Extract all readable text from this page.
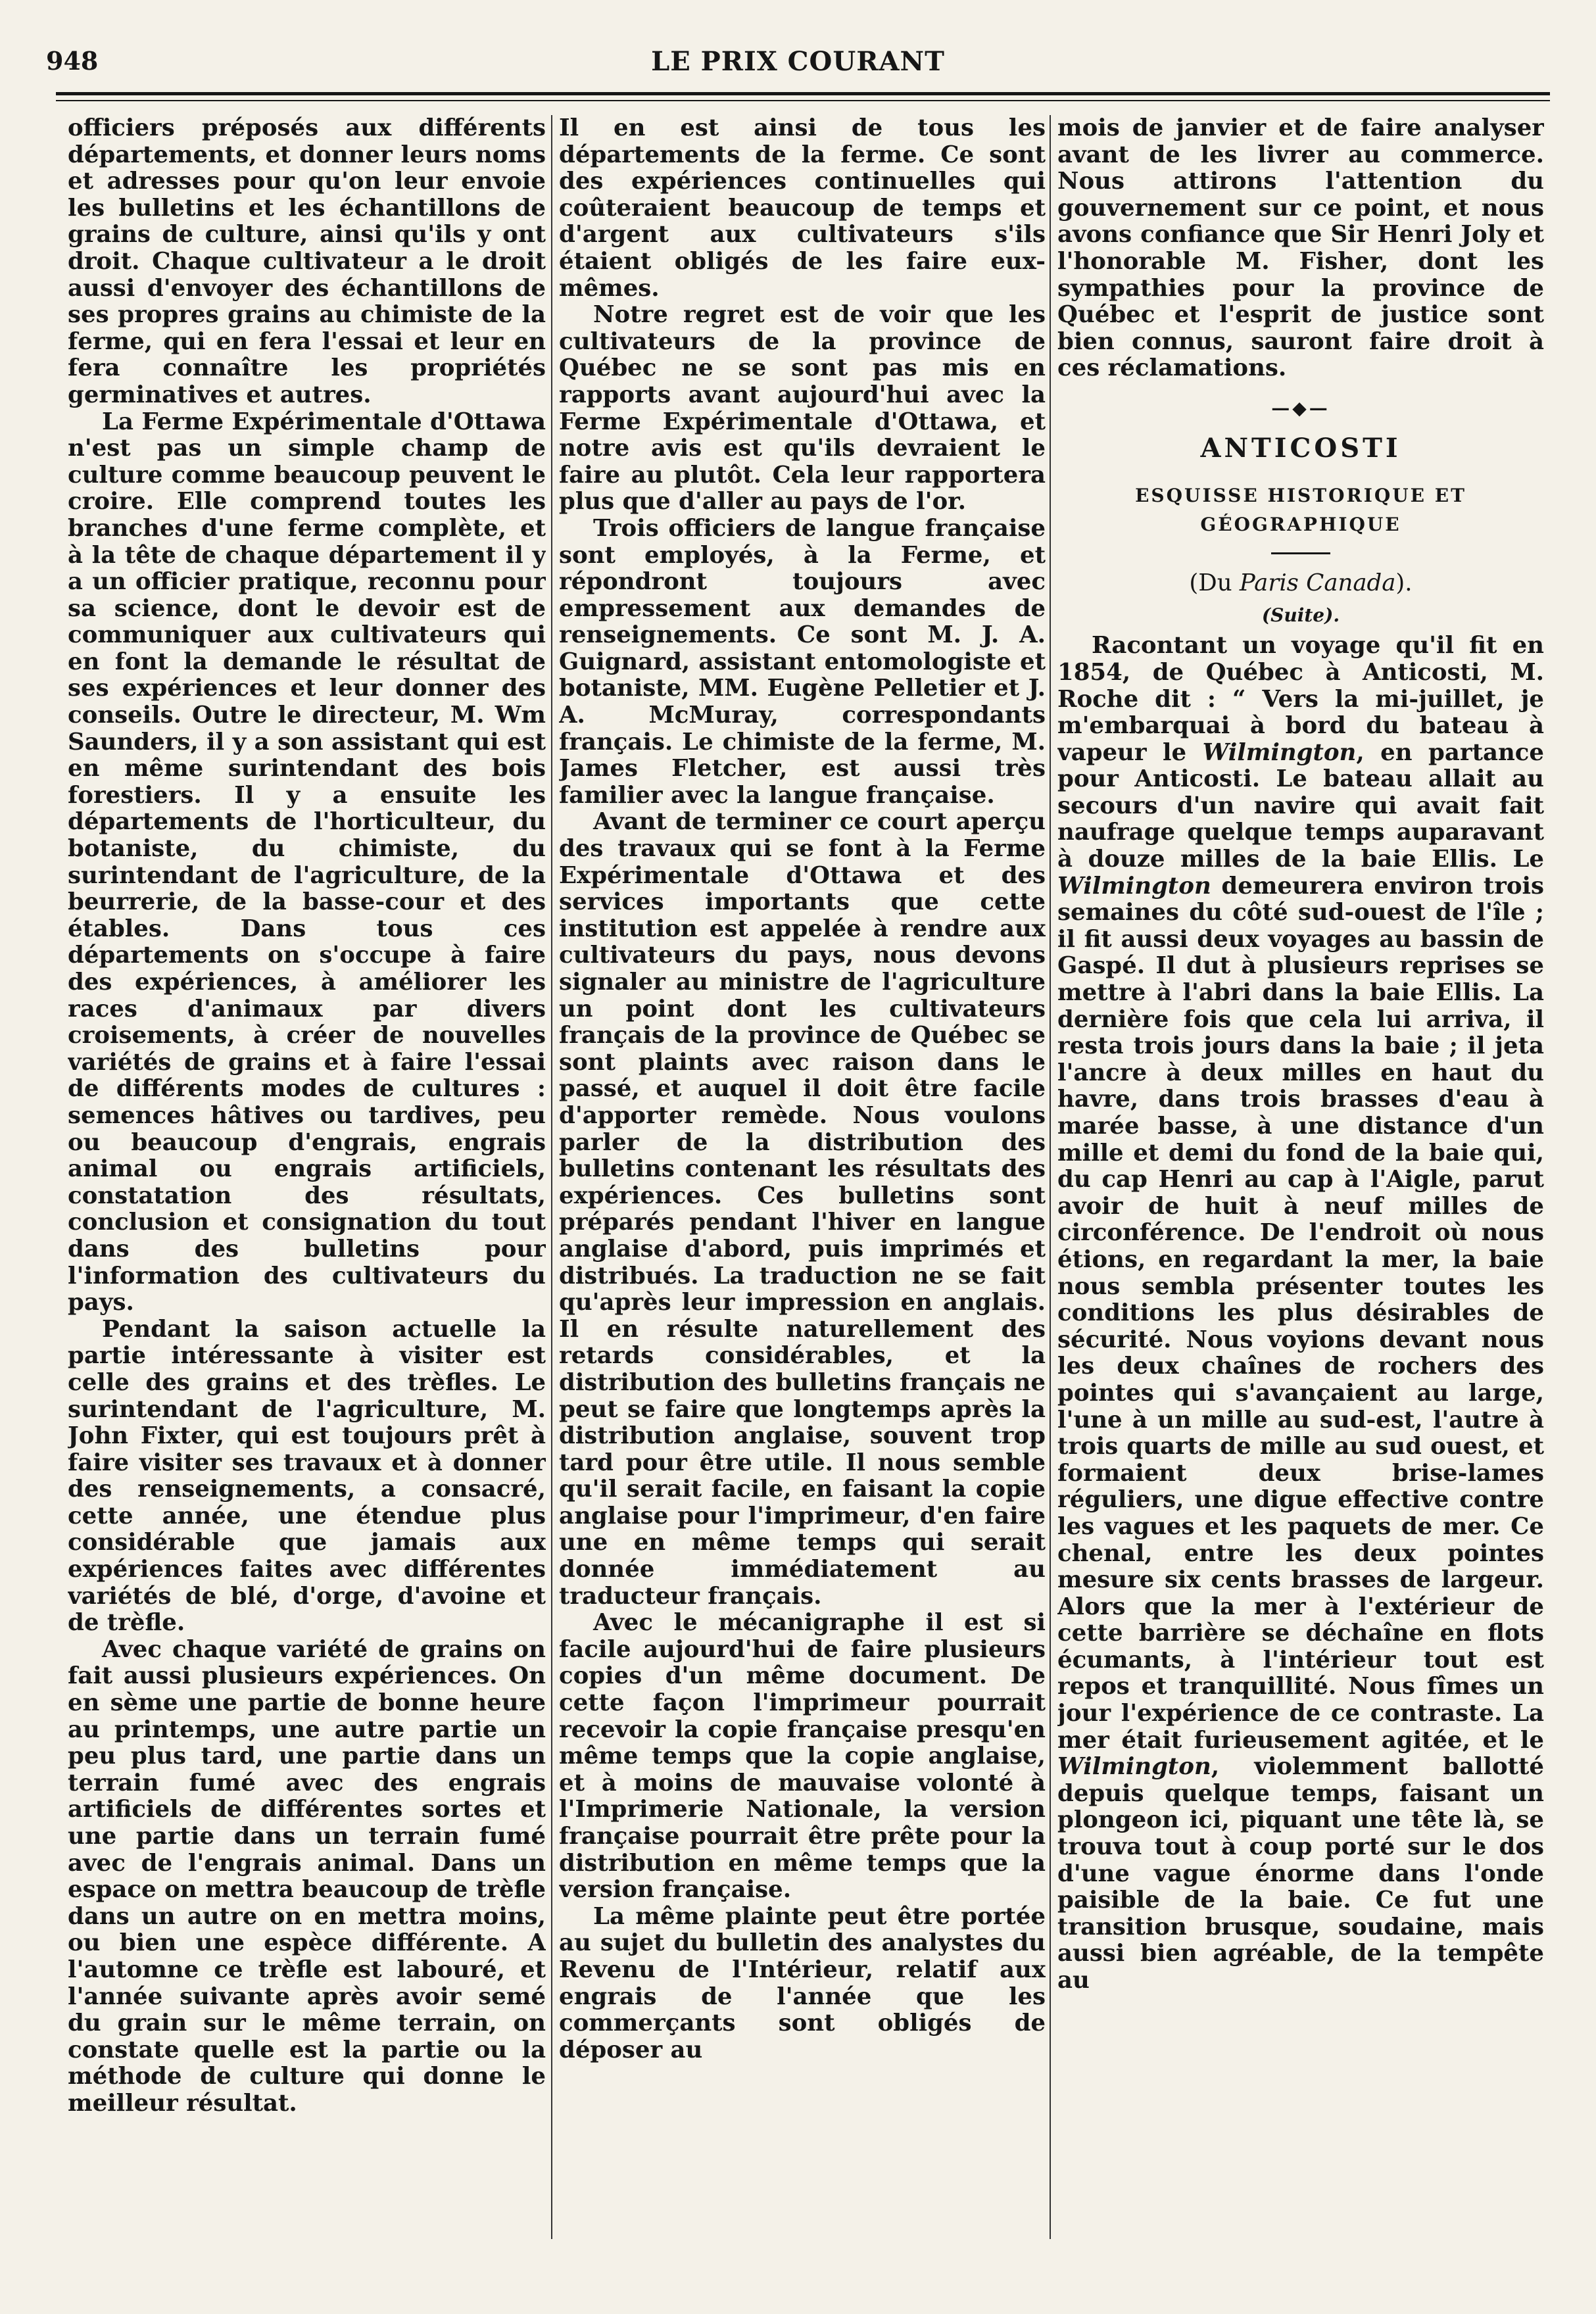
948	LE PRIX COURANT

officiers préposés aux différents départements, et donner leurs noms et adresses pour qu'on leur envoie les bulletins et les échantillons de grains de culture, ainsi qu'ils y ont droit. Chaque cultivateur a le droit aussi d'envoyer des échantillons de ses propres grains au chimiste de la ferme, qui en fera l'essai et leur en fera connaître les propriétés germinatives et autres.

La Ferme Expérimentale d'Ottawa n'est pas un simple champ de culture comme beaucoup peuvent le croire. Elle comprend toutes les branches d'une ferme complète, et à la tête de chaque département il y a un officier pratique, reconnu pour sa science, dont le devoir est de communiquer aux cultivateurs qui en font la demande le résultat de ses expériences et leur donner des conseils. Outre le directeur, M. Wm Saunders, il y a son assistant qui est en même surintendant des bois forestiers. Il y a ensuite les départements de l'horticulteur, du botaniste, du chimiste, du surintendant de l'agriculture, de la beurrerie, de la basse-cour et des étables. Dans tous ces départements on s'occupe à faire des expériences, à améliorer les races d'animaux par divers croisements, à créer de nouvelles variétés de grains et à faire l'essai de différents modes de cultures : semences hâtives ou tardives, peu ou beaucoup d'engrais, engrais animal ou engrais artificiels, constatation des résultats, conclusion et consignation du tout dans des bulletins pour l'information des cultivateurs du pays.

Pendant la saison actuelle la partie intéressante à visiter est celle des grains et des trèfles. Le surintendant de l'agriculture, M. John Fixter, qui est toujours prêt à faire visiter ses travaux et à donner des renseignements, a consacré, cette année, une étendue plus considérable que jamais aux expériences faites avec différentes variétés de blé, d'orge, d'avoine et de trèfle.

Avec chaque variété de grains on fait aussi plusieurs expériences. On en sème une partie de bonne heure au printemps, une autre partie un peu plus tard, une partie dans un terrain fumé avec des engrais artificiels de différentes sortes et une partie dans un terrain fumé avec de l'engrais animal. Dans un espace on mettra beaucoup de trèfle dans un autre on en mettra moins, ou bien une espèce différente. A l'automne ce trèfle est labouré, et l'année suivante après avoir semé du grain sur le même terrain, on constate quelle est la partie ou la méthode de culture qui donne le meilleur résultat.

Il en est ainsi de tous les départements de la ferme. Ce sont des expériences continuelles qui coûteraient beaucoup de temps et d'argent aux cultivateurs s'ils étaient obligés de les faire eux-mêmes.

Notre regret est de voir que les cultivateurs de la province de Québec ne se sont pas mis en rapports avant aujourd'hui avec la Ferme Expérimentale d'Ottawa, et notre avis est qu'ils devraient le faire au plutôt. Cela leur rapportera plus que d'aller au pays de l'or.

Trois officiers de langue française sont employés, à la Ferme, et répondront toujours avec empressement aux demandes de renseignements. Ce sont M. J. A. Guignard, assistant entomologiste et botaniste, MM. Eugène Pelletier et J. A. McMuray, correspondants français. Le chimiste de la ferme, M. James Fletcher, est aussi très familier avec la langue française.

Avant de terminer ce court aperçu des travaux qui se font à la Ferme Expérimentale d'Ottawa et des services importants que cette institution est appelée à rendre aux cultivateurs du pays, nous devons signaler au ministre de l'agriculture un point dont les cultivateurs français de la province de Québec se sont plaints avec raison dans le passé, et auquel il doit être facile d'apporter remède. Nous voulons parler de la distribution des bulletins contenant les résultats des expériences. Ces bulletins sont préparés pendant l'hiver en langue anglaise d'abord, puis imprimés et distribués. La traduction ne se fait qu'après leur impression en anglais. Il en résulte naturellement des retards considérables, et la distribution des bulletins français ne peut se faire que longtemps après la distribution anglaise, souvent trop tard pour être utile. Il nous semble qu'il serait facile, en faisant la copie anglaise pour l'imprimeur, d'en faire une en même temps qui serait donnée immédiatement au traducteur français.

Avec le mécanigraphe il est si facile aujourd'hui de faire plusieurs copies d'un même document. De cette façon l'imprimeur pourrait recevoir la copie française presqu'en même temps que la copie anglaise, et à moins de mauvaise volonté à l'Imprimerie Nationale, la version française pourrait être prête pour la distribution en même temps que la version française.

La même plainte peut être portée au sujet du bulletin des analystes du Revenu de l'Intérieur, relatif aux engrais de l'année que les commerçants sont obligés de déposer au

mois de janvier et de faire analyser avant de les livrer au commerce. Nous attirons l'attention du gouvernement sur ce point, et nous avons confiance que Sir Henri Joly et l'honorable M. Fisher, dont les sympathies pour la province de Québec et l'esprit de justice sont bien connus, sauront faire droit à ces réclamations.

—◆—
ANTICOSTI
ESQUISSE HISTORIQUE ET GÉOGRAPHIQUE
(Du Paris Canada).
(Suite).

Racontant un voyage qu'il fit en 1854, de Québec à Anticosti, M. Roche dit : “ Vers la mi-juillet, je m'embarquai à bord du bateau à vapeur le Wilmington, en partance pour Anticosti. Le bateau allait au secours d'un navire qui avait fait naufrage quelque temps auparavant à douze milles de la baie Ellis. Le Wilmington demeurera environ trois semaines du côté sud-ouest de l'île ; il fit aussi deux voyages au bassin de Gaspé. Il dut à plusieurs reprises se mettre à l'abri dans la baie Ellis. La dernière fois que cela lui arriva, il resta trois jours dans la baie ; il jeta l'ancre à deux milles en haut du havre, dans trois brasses d'eau à marée basse, à une distance d'un mille et demi du fond de la baie qui, du cap Henri au cap à l'Aigle, parut avoir de huit à neuf milles de circonférence. De l'endroit où nous étions, en regardant la mer, la baie nous sembla présenter toutes les conditions les plus désirables de sécurité. Nous voyions devant nous les deux chaînes de rochers des pointes qui s'avançaient au large, l'une à un mille au sud-est, l'autre à trois quarts de mille au sud ouest, et formaient deux brise-lames réguliers, une digue effective contre les vagues et les paquets de mer. Ce chenal, entre les deux pointes mesure six cents brasses de largeur. Alors que la mer à l'extérieur de cette barrière se déchaîne en flots écumants, à l'intérieur tout est repos et tranquillité. Nous fîmes un jour l'expérience de ce contraste. La mer était furieusement agitée, et le Wilmington, violemment ballotté depuis quelque temps, faisant un plongeon ici, piquant une tête là, se trouva tout à coup porté sur le dos d'une vague énorme dans l'onde paisible de la baie. Ce fut une transition brusque, soudaine, mais aussi bien agréable, de la tempête au
